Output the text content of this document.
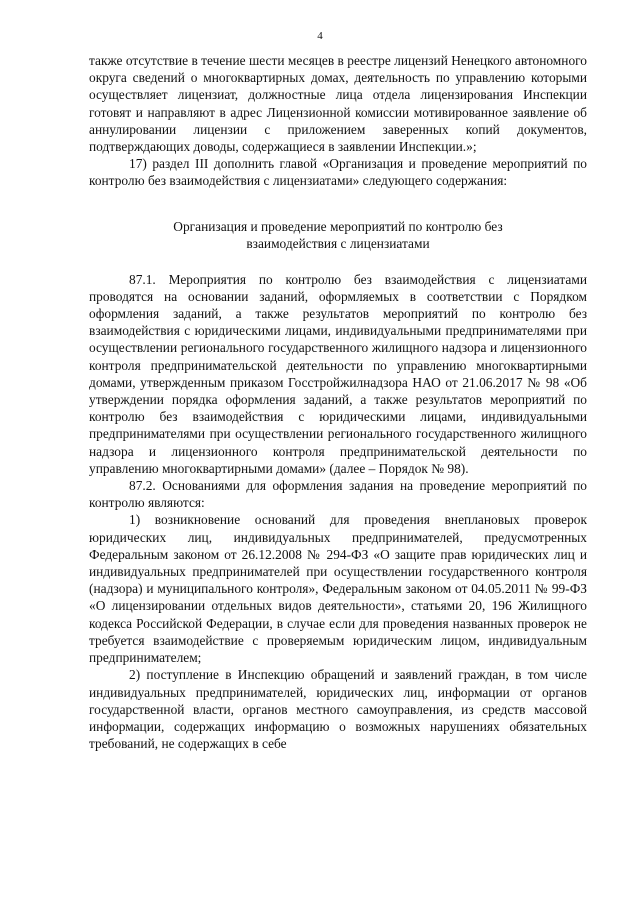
4

также отсутствие в течение шести месяцев в реестре лицензий Ненецкого автономного округа сведений о многоквартирных домах, деятельность по управлению которыми осуществляет лицензиат, должностные лица отдела лицензирования Инспекции готовят и направляют в адрес Лицензионной комиссии мотивированное заявление об аннулировании лицензии с приложением заверенных копий документов, подтверждающих доводы, содержащиеся в заявлении Инспекции.»;

17) раздел III дополнить главой «Организация и проведение мероприятий по контролю без взаимодействия с лицензиатами» следующего содержания:

Организация и проведение мероприятий по контролю без
взаимодействия с лицензиатами

87.1. Мероприятия по контролю без взаимодействия с лицензиатами проводятся на основании заданий, оформляемых в соответствии с Порядком оформления заданий, а также результатов мероприятий по контролю без взаимодействия с юридическими лицами, индивидуальными предпринимателями при осуществлении регионального государственного жилищного надзора и лицензионного контроля предпринимательской деятельности по управлению многоквартирными домами, утвержденным приказом Госстройжилнадзора НАО от 21.06.2017 № 98 «Об утверждении порядка оформления заданий, а также результатов мероприятий по контролю без взаимодействия с юридическими лицами, индивидуальными предпринимателями при осуществлении регионального государственного жилищного надзора и лицензионного контроля предпринимательской деятельности по управлению многоквартирными домами» (далее – Порядок № 98).

87.2. Основаниями для оформления задания на проведение мероприятий по контролю являются:

1) возникновение оснований для проведения внеплановых проверок юридических лиц, индивидуальных предпринимателей, предусмотренных Федеральным законом от 26.12.2008 № 294-ФЗ «О защите прав юридических лиц и индивидуальных предпринимателей при осуществлении государственного контроля (надзора) и муниципального контроля», Федеральным законом от 04.05.2011 № 99-ФЗ «О лицензировании отдельных видов деятельности», статьями 20, 196 Жилищного кодекса Российской Федерации, в случае если для проведения названных проверок не требуется взаимодействие с проверяемым юридическим лицом, индивидуальным предпринимателем;

2) поступление в Инспекцию обращений и заявлений граждан, в том числе индивидуальных предпринимателей, юридических лиц, информации от органов государственной власти, органов местного самоуправления, из средств массовой информации, содержащих информацию о возможных нарушениях обязательных требований, не содержащих в себе
